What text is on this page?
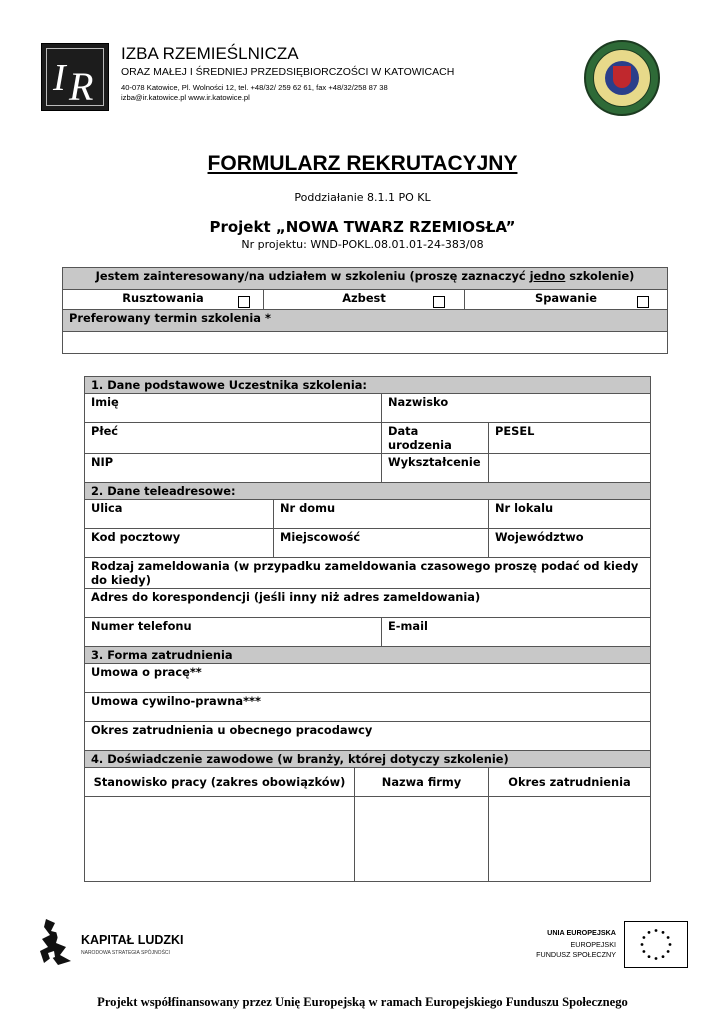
I R
IZBA RZEMIEŚLNICZA
ORAZ MAŁEJ I ŚREDNIEJ PRZEDSIĘBIORCZOŚCI W KATOWICACH
40-078 Katowice, Pl. Wolności 12, tel. +48/32/ 259 62 61, fax +48/32/258 87 38
izba@ir.katowice.pl www.ir.katowice.pl
FORMULARZ REKRUTACYJNY
Poddziałanie 8.1.1 PO KL
Projekt „NOWA TWARZ RZEMIOSŁA”
Nr projektu: WND-POKL.08.01.01-24-383/08
Jestem zainteresowany/na udziałem w szkoleniu (proszę zaznaczyć jedno szkolenie)
Rusztowania	Azbest	Spawanie

Preferowany termin szkolenia *

1. Dane podstawowe Uczestnika szkolenia:				
Imię			Nazwisko	
Płeć			Data urodzenia	PESEL
NIP			Wykształcenie	
2. Dane teleadresowe:				
Ulica	Nr domu			Nr lokalu
Kod pocztowy	Miejscowość			Województwo
Rodzaj zameldowania (w przypadku zameldowania czasowego proszę podać od kiedy do kiedy)				
Adres do korespondencji (jeśli inny niż adres zameldowania)				
Numer telefonu			E-mail	
3. Forma zatrudnienia				
Umowa o pracę**				
Umowa cywilno-prawna***				
Okres zatrudnienia u obecnego pracodawcy				
4. Doświadczenie zawodowe (w branży, której dotyczy szkolenie)				
Stanowisko pracy (zakres obowiązków)		Nazwa firmy		Okres zatrudnienia

KAPITAŁ LUDZKI
NARODOWA STRATEGIA SPÓJNOŚCI
UNIA EUROPEJSKA
EUROPEJSKI
FUNDUSZ SPOŁECZNY
Projekt współfinansowany przez Unię Europejską w ramach Europejskiego Funduszu Społecznego
